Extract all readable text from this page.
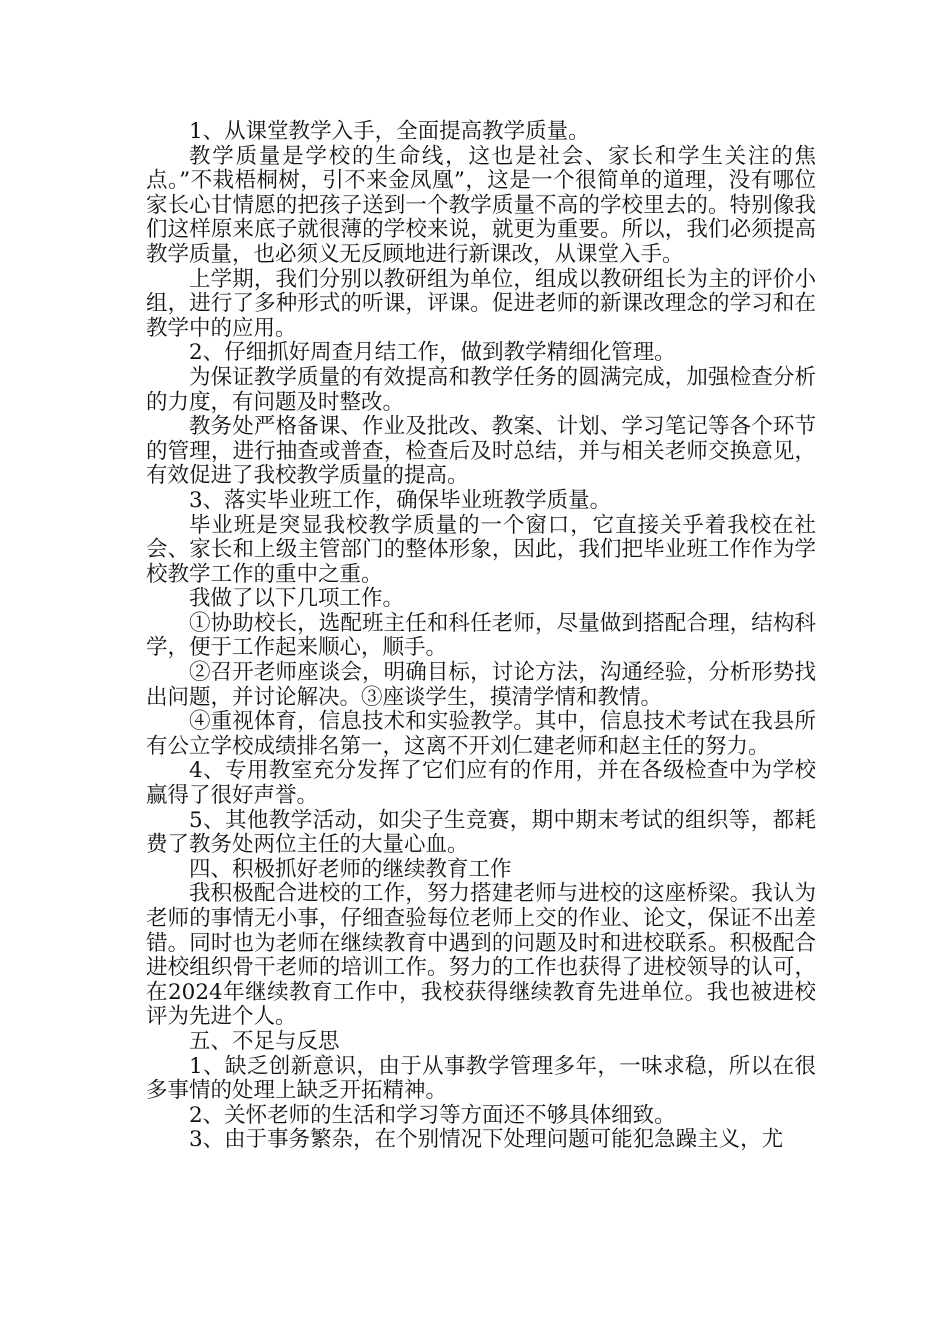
1、从课堂教学入手，全面提高教学质量。

教学质量是学校的生命线，这也是社会、家长和学生关注的焦点。”不栽梧桐树，引不来金凤凰”，这是一个很简单的道理，没有哪位家长心甘情愿的把孩子送到一个教学质量不高的学校里去的。特别像我们这样原来底子就很薄的学校来说，就更为重要。所以，我们必须提高教学质量，也必须义无反顾地进行新课改，从课堂入手。

上学期，我们分别以教研组为单位，组成以教研组长为主的评价小组，进行了多种形式的听课，评课。促进老师的新课改理念的学习和在教学中的应用。

2、仔细抓好周查月结工作，做到教学精细化管理。

为保证教学质量的有效提高和教学任务的圆满完成，加强检查分析的力度，有问题及时整改。

教务处严格备课、作业及批改、教案、计划、学习笔记等各个环节的管理，进行抽查或普查，检查后及时总结，并与相关老师交换意见，有效促进了我校教学质量的提高。

3、落实毕业班工作，确保毕业班教学质量。

毕业班是突显我校教学质量的一个窗口，它直接关乎着我校在社会、家长和上级主管部门的整体形象，因此，我们把毕业班工作作为学校教学工作的重中之重。

我做了以下几项工作。

①协助校长，选配班主任和科任老师，尽量做到搭配合理，结构科学，便于工作起来顺心，顺手。

②召开老师座谈会，明确目标，讨论方法，沟通经验，分析形势找出问题，并讨论解决。③座谈学生，摸清学情和教情。

④重视体育，信息技术和实验教学。其中，信息技术考试在我县所有公立学校成绩排名第一，这离不开刘仁建老师和赵主任的努力。

4、专用教室充分发挥了它们应有的作用，并在各级检查中为学校赢得了很好声誉。

5、其他教学活动，如尖子生竞赛，期中期末考试的组织等，都耗费了教务处两位主任的大量心血。

四、积极抓好老师的继续教育工作

我积极配合进校的工作，努力搭建老师与进校的这座桥梁。我认为老师的事情无小事，仔细查验每位老师上交的作业、论文，保证不出差错。同时也为老师在继续教育中遇到的问题及时和进校联系。积极配合进校组织骨干老师的培训工作。努力的工作也获得了进校领导的认可，在2024年继续教育工作中，我校获得继续教育先进单位。我也被进校评为先进个人。

五、不足与反思

1、缺乏创新意识，由于从事教学管理多年，一味求稳，所以在很多事情的处理上缺乏开拓精神。

2、关怀老师的生活和学习等方面还不够具体细致。

3、由于事务繁杂，在个别情况下处理问题可能犯急躁主义，尤
